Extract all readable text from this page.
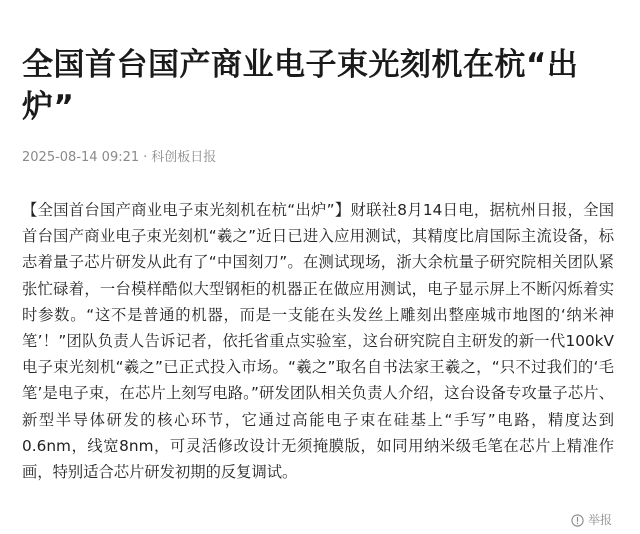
全国首台国产商业电子束光刻机在杭“出炉”
2025-08-14 09:21 · 科创板日报

【全国首台国产商业电子束光刻机在杭“出炉”】财联社8月14日电，据杭州日报，全国首台国产商业电子束光刻机“羲之”近日已进入应用测试，其精度比肩国际主流设备，标志着量子芯片研发从此有了“中国刻刀”。在测试现场，浙大余杭量子研究院相关团队紧张忙碌着，一台模样酷似大型钢柜的机器正在做应用测试，电子显示屏上不断闪烁着实时参数。“这不是普通的机器，而是一支能在头发丝上雕刻出整座城市地图的‘纳米神笔’！”团队负责人告诉记者，依托省重点实验室，这台研究院自主研发的新一代100kV电子束光刻机“羲之”已正式投入市场。“羲之”取名自书法家王羲之，“只不过我们的‘毛笔’是电子束，在芯片上刻写电路。”研发团队相关负责人介绍，这台设备专攻量子芯片、新型半导体研发的核心环节，它通过高能电子束在硅基上“手写”电路，精度达到0.6nm，线宽8nm，可灵活修改设计无须掩膜版，如同用纳米级毛笔在芯片上精准作画，特别适合芯片研发初期的反复调试。

举报
